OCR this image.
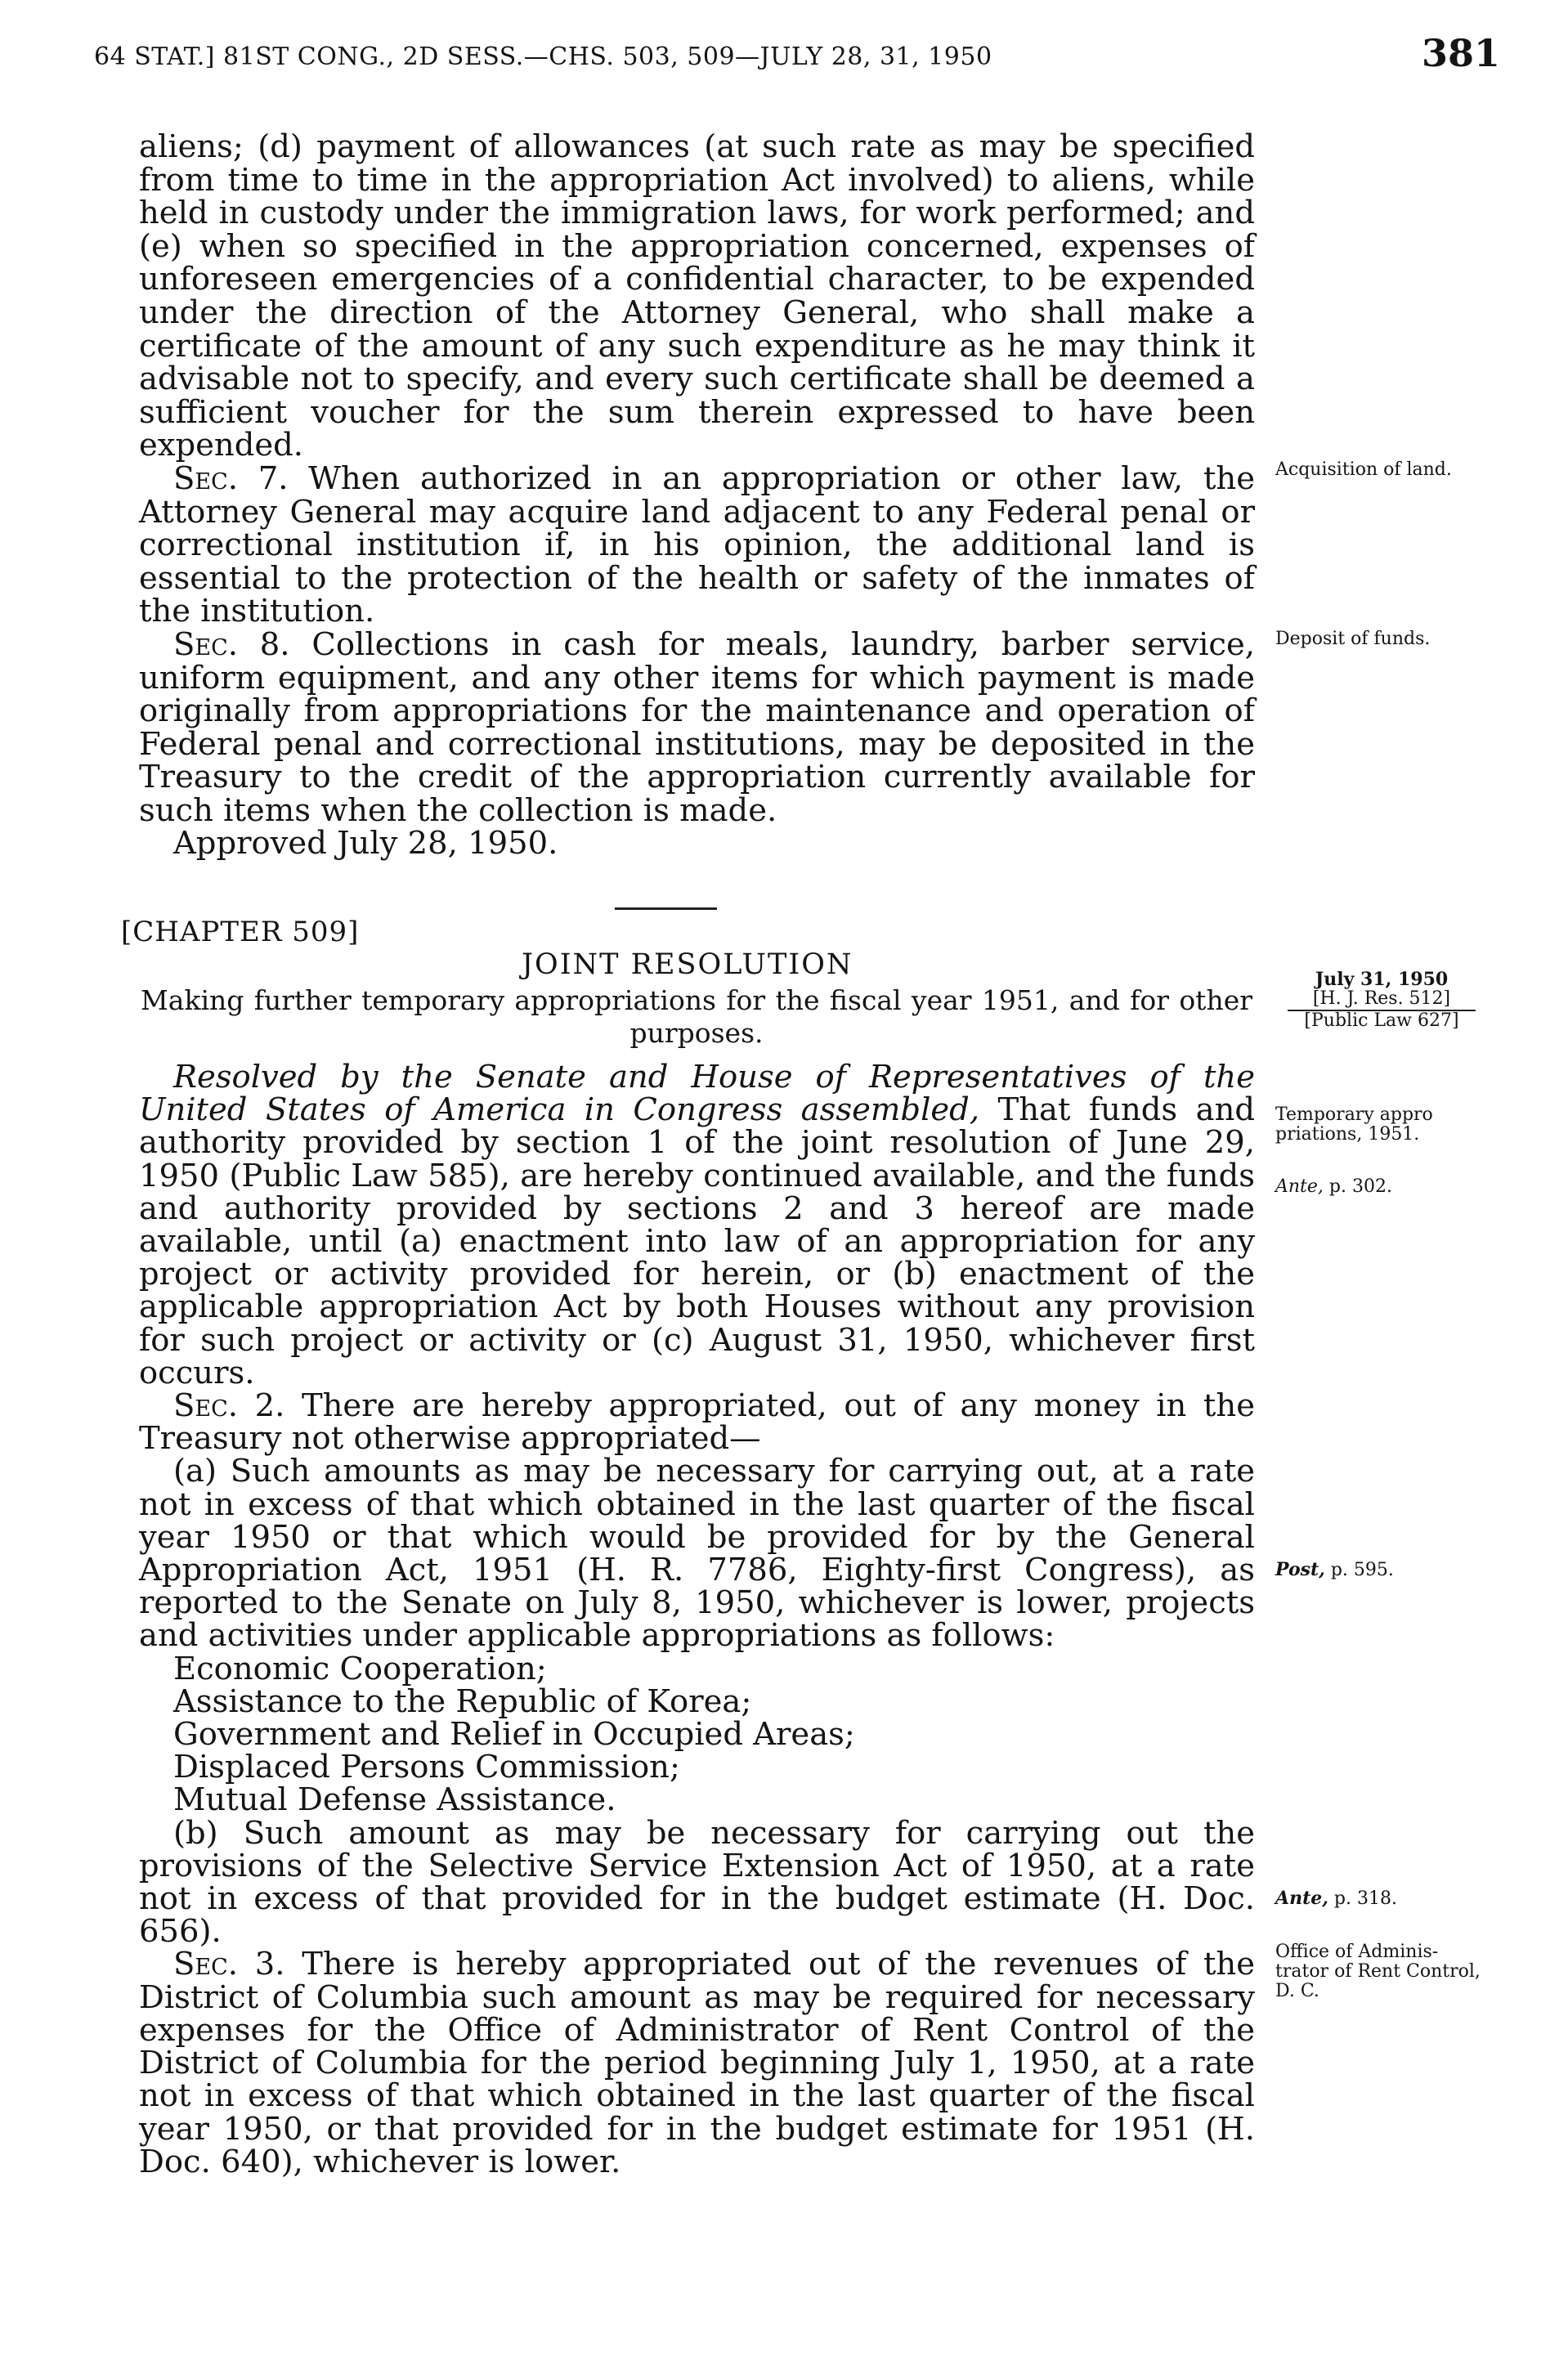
64 STAT.] 81ST CONG., 2D SESS.—CHS. 503, 509—JULY 28, 31, 1950	381

aliens; (d) payment of allowances (at such rate as may be specified from time to time in the appropriation Act involved) to aliens, while held in custody under the immigration laws, for work performed; and (e) when so specified in the appropriation concerned, expenses of unforeseen emergencies of a confidential character, to be expended under the direction of the Attorney General, who shall make a certificate of the amount of any such expenditure as he may think it advisable not to specify, and every such certificate shall be deemed a sufficient voucher for the sum therein expressed to have been expended.

Sec. 7. When authorized in an appropriation or other law, the Attorney General may acquire land adjacent to any Federal penal or correctional institution if, in his opinion, the additional land is essential to the protection of the health or safety of the inmates of the institution.

Sec. 8. Collections in cash for meals, laundry, barber service, uniform equipment, and any other items for which payment is made originally from appropriations for the maintenance and operation of Federal penal and correctional institutions, may be deposited in the Treasury to the credit of the appropriation currently available for such items when the collection is made.

Approved July 28, 1950.

[CHAPTER 509]
JOINT RESOLUTION
Making further temporary appropriations for the fiscal year 1951, and for other
purposes.
July 31, 1950
[H. J. Res. 512]
[Public Law 627]

Resolved by the Senate and House of Representatives of the United States of America in Congress assembled, That funds and authority provided by section 1 of the joint resolution of June 29, 1950 (Public Law 585), are hereby continued available, and the funds and authority provided by sections 2 and 3 hereof are made available, until (a) enactment into law of an appropriation for any project or activity provided for herein, or (b) enactment of the applicable appropriation Act by both Houses without any provision for such project or activity or (c) August 31, 1950, whichever first occurs.

Sec. 2. There are hereby appropriated, out of any money in the Treasury not otherwise appropriated—

(a) Such amounts as may be necessary for carrying out, at a rate not in excess of that which obtained in the last quarter of the fiscal year 1950 or that which would be provided for by the General Appropriation Act, 1951 (H. R. 7786, Eighty-first Congress), as reported to the Senate on July 8, 1950, whichever is lower, projects and activities under applicable appropriations as follows:

Economic Cooperation;
Assistance to the Republic of Korea;
Government and Relief in Occupied Areas;
Displaced Persons Commission;
Mutual Defense Assistance.

(b) Such amount as may be necessary for carrying out the provisions of the Selective Service Extension Act of 1950, at a rate not in excess of that provided for in the budget estimate (H. Doc. 656).

Sec. 3. There is hereby appropriated out of the revenues of the District of Columbia such amount as may be required for necessary expenses for the Office of Administrator of Rent Control of the District of Columbia for the period beginning July 1, 1950, at a rate not in excess of that which obtained in the last quarter of the fiscal year 1950, or that provided for in the budget estimate for 1951 (H. Doc. 640), whichever is lower.

Acquisition of land.
Deposit of funds.
Temporary appro
priations, 1951.
Ante, p. 302.
Post, p. 595.
Ante, p. 318.
Office of Adminis-
trator of Rent Control,
D. C.
